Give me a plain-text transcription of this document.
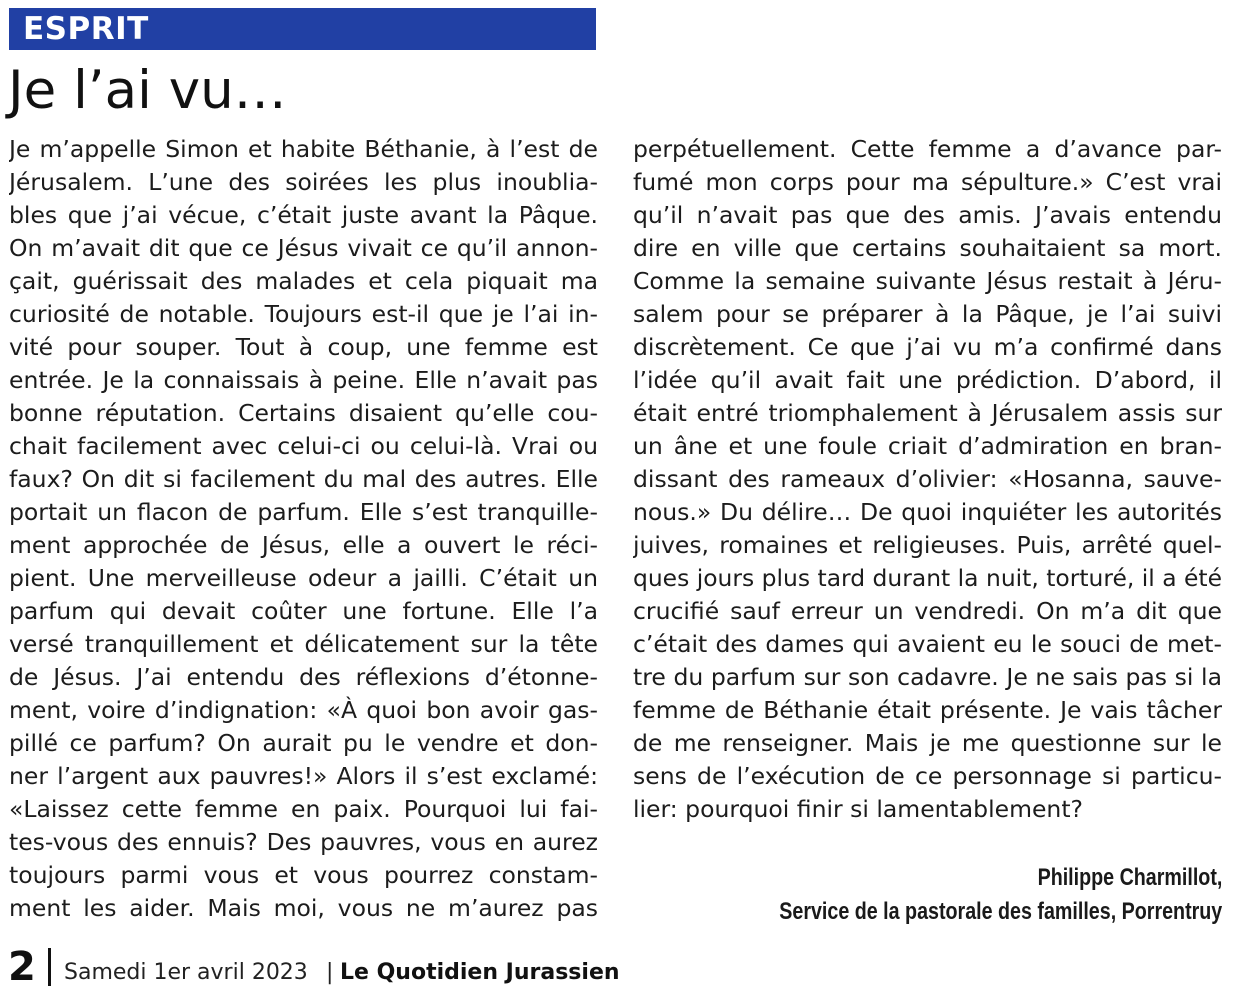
ESPRIT
Je l’ai vu…
Je m’appelle Simon et habite Béthanie, à l’est de
Jérusalem. L’une des soirées les plus inoublia-
bles que j’ai vécue, c’était juste avant la Pâque.
On m’avait dit que ce Jésus vivait ce qu’il annon-
çait, guérissait des malades et cela piquait ma
curiosité de notable. Toujours est-il que je l’ai in-
vité pour souper. Tout à coup, une femme est
entrée. Je la connaissais à peine. Elle n’avait pas
bonne réputation. Certains disaient qu’elle cou-
chait facilement avec celui-ci ou celui-là. Vrai ou
faux? On dit si facilement du mal des autres. Elle
portait un flacon de parfum. Elle s’est tranquille-
ment approchée de Jésus, elle a ouvert le réci-
pient. Une merveilleuse odeur a jailli. C’était un
parfum qui devait coûter une fortune. Elle l’a
versé tranquillement et délicatement sur la tête
de Jésus. J’ai entendu des réflexions d’étonne-
ment, voire d’indignation: «À quoi bon avoir gas-
pillé ce parfum? On aurait pu le vendre et don-
ner l’argent aux pauvres!» Alors il s’est exclamé:
«Laissez cette femme en paix. Pourquoi lui fai-
tes-vous des ennuis? Des pauvres, vous en aurez
toujours parmi vous et vous pourrez constam-
ment les aider. Mais moi, vous ne m’aurez pas
perpétuellement. Cette femme a d’avance par-
fumé mon corps pour ma sépulture.» C’est vrai
qu’il n’avait pas que des amis. J’avais entendu
dire en ville que certains souhaitaient sa mort.
Comme la semaine suivante Jésus restait à Jéru-
salem pour se préparer à la Pâque, je l’ai suivi
discrètement. Ce que j’ai vu m’a confirmé dans
l’idée qu’il avait fait une prédiction. D’abord, il
était entré triomphalement à Jérusalem assis sur
un âne et une foule criait d’admiration en bran-
dissant des rameaux d’olivier: «Hosanna, sauve-
nous.» Du délire… De quoi inquiéter les autorités
juives, romaines et religieuses. Puis, arrêté quel-
ques jours plus tard durant la nuit, torturé, il a été
crucifié sauf erreur un vendredi. On m’a dit que
c’était des dames qui avaient eu le souci de met-
tre du parfum sur son cadavre. Je ne sais pas si la
femme de Béthanie était présente. Je vais tâcher
de me renseigner. Mais je me questionne sur le
sens de l’exécution de ce personnage si particu-
lier: pourquoi finir si lamentablement?
Philippe Charmillot,
Service de la pastorale des familles, Porrentruy
2 Samedi 1er avril 2023 | Le Quotidien Jurassien
